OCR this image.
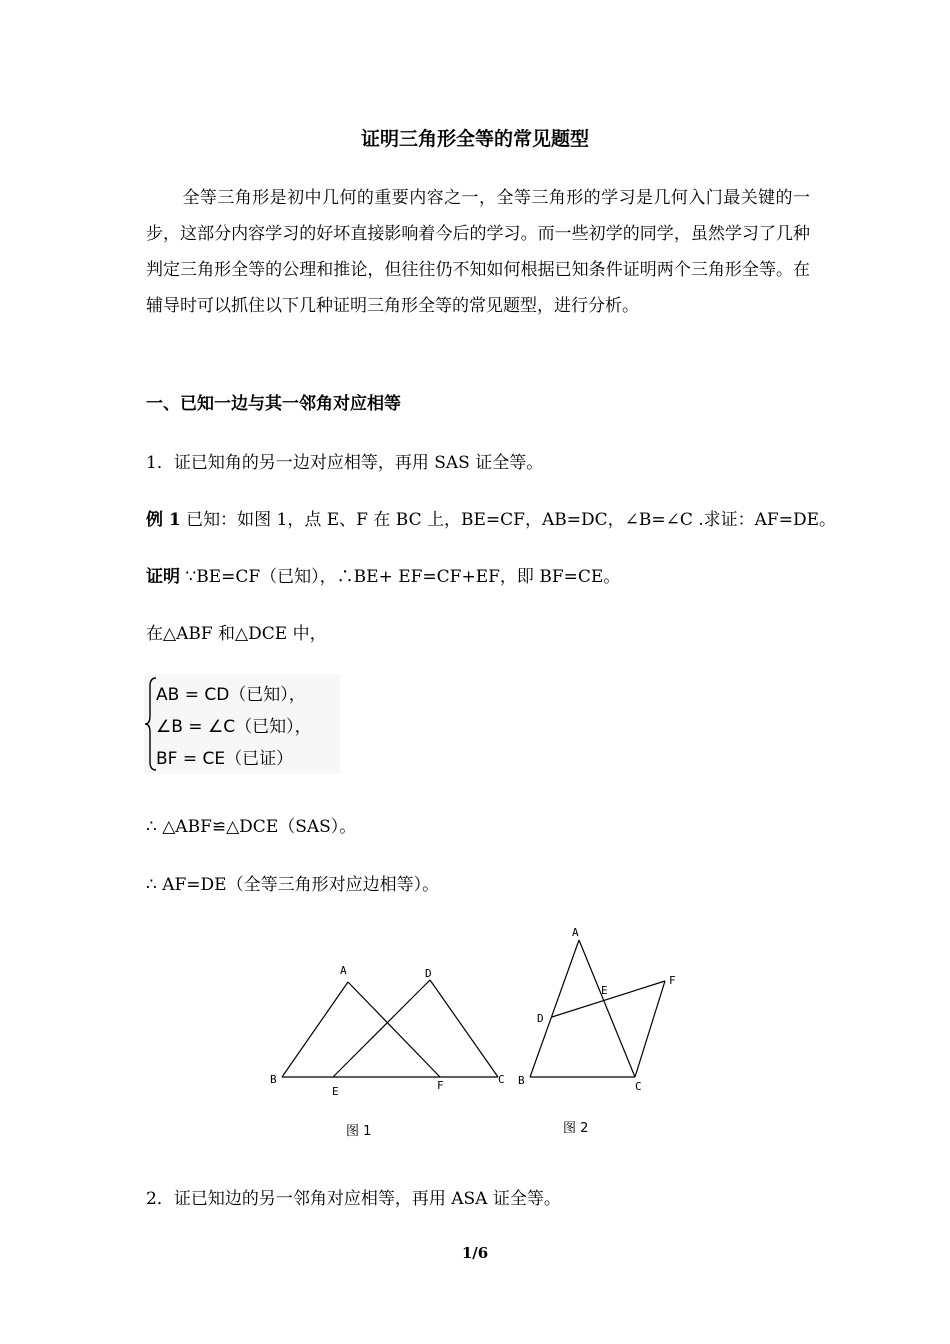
证明三角形全等的常见题型
全等三角形是初中几何的重要内容之一，全等三角形的学习是几何入门最关键的一步，这部分内容学习的好坏直接影响着今后的学习。而一些初学的同学，虽然学习了几种判定三角形全等的公理和推论，但往往仍不知如何根据已知条件证明两个三角形全等。在辅导时可以抓住以下几种证明三角形全等的常见题型，进行分析。
一、已知一边与其一邻角对应相等
1．证已知角的另一边对应相等，再用 SAS 证全等。
例 1 已知：如图 1，点 E、F 在 BC 上，BE=CF，AB=DC，∠B=∠C .求证：AF=DE。
证明 ∵BE=CF（已知），∴BE+ EF=CF+EF，即 BF=CE。
在△ABF 和△DCE 中，
AB = CD（已知），
∠B = ∠C（已知），
BF = CE（已证）
∴ △ABF≌△DCE（SAS）。
∴ AF=DE（全等三角形对应边相等）。
A	D
B	C
E	F
图 1
A
E
F
D
B	C
图 2
2．证已知边的另一邻角对应相等，再用 ASA 证全等。
1/6
